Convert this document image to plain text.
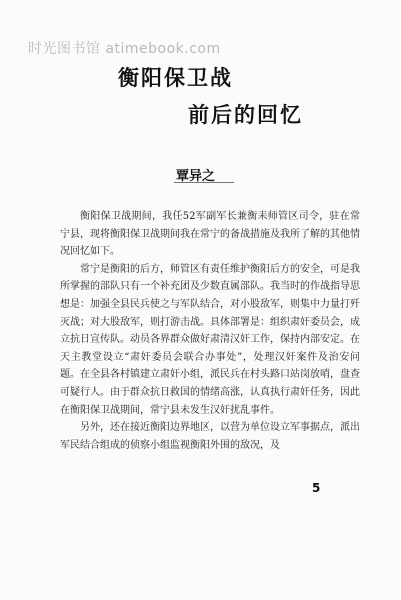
时光图书馆 atimebook.com
衡阳保卫战
前后的回忆
覃异之

衡阳保卫战期间，我任52军副军长兼衡耒师管区司令，驻在常宁县，现将衡阳保卫战期间我在常宁的备战措施及我所了解的其他情况回忆如下。

常宁是衡阳的后方，师管区有责任维护衡阳后方的安全，可是我所掌握的部队只有一个补充团及少数直属部队。我当时的作战指导思想是：加强全县民兵使之与军队结合，对小股敌军，则集中力量打歼灭战；对大股敌军，则打游击战。具体部署是：组织肃奸委员会，成立抗日宣传队。动员各界群众做好肃清汉奸工作，保持内部安定。在天主教堂设立“肃奸委员会联合办事处”，处理汉奸案件及治安问题。在全县各村镇建立肃奸小组，派民兵在村头路口站岗放哨，盘查可疑行人。由于群众抗日救国的情绪高涨，认真执行肃奸任务，因此在衡阳保卫战期间，常宁县未发生汉奸扰乱事件。

另外，还在接近衡阳边界地区，以营为单位设立军事据点，派出军民结合组成的侦察小组监视衡阳外围的敌况，及

5
